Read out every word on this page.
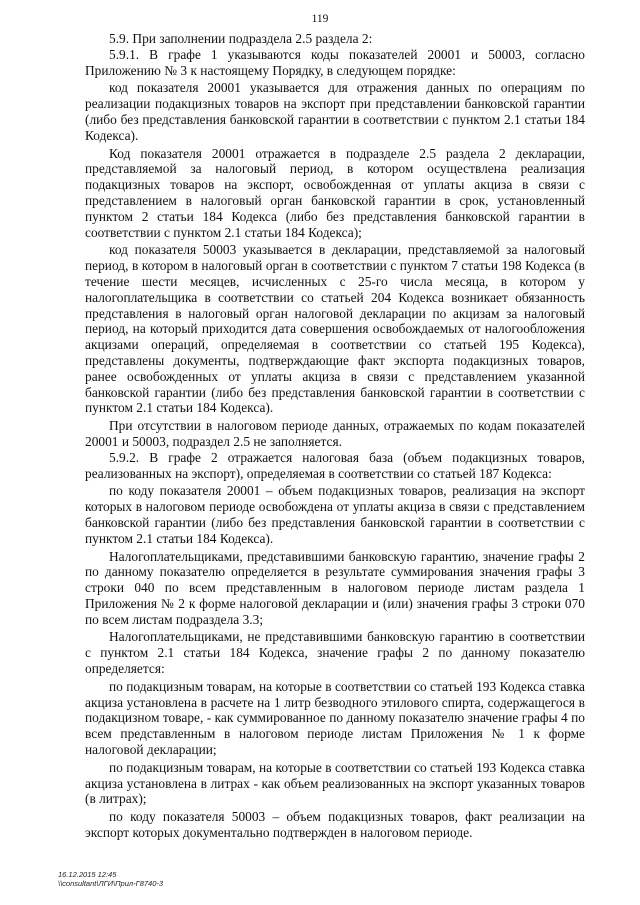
119

5.9. При заполнении подраздела 2.5 раздела 2:

5.9.1. В графе 1 указываются коды показателей 20001 и 50003, согласно Приложению № 3 к настоящему Порядку, в следующем порядке:

код показателя 20001 указывается для отражения данных по операциям по реализации подакцизных товаров на экспорт при представлении банковской гарантии (либо без представления банковской гарантии в соответствии с пунктом 2.1 статьи 184 Кодекса).

Код показателя 20001 отражается в подразделе 2.5 раздела 2 декларации, представляемой за налоговый период, в котором осуществлена реализация подакцизных товаров на экспорт, освобожденная от уплаты акциза в связи с представлением в налоговый орган банковской гарантии в срок, установленный пунктом 2 статьи 184 Кодекса (либо без представления банковской гарантии в соответствии с пунктом 2.1 статьи 184 Кодекса);

код показателя 50003 указывается в декларации, представляемой за налоговый период, в котором в налоговый орган в соответствии с пунктом 7 статьи 198 Кодекса (в течение шести месяцев, исчисленных с 25-го числа месяца, в котором у налогоплательщика в соответствии со статьей 204 Кодекса возникает обязанность представления в налоговый орган налоговой декларации по акцизам за налоговый период, на который приходится дата совершения освобождаемых от налогообложения акцизами операций, определяемая в соответствии со статьей 195 Кодекса), представлены документы, подтверждающие факт экспорта подакцизных товаров, ранее освобожденных от уплаты акциза в связи с представлением указанной банковской гарантии (либо без представления банковской гарантии в соответствии с пунктом 2.1 статьи 184 Кодекса).

При отсутствии в налоговом периоде данных, отражаемых по кодам показателей 20001 и 50003, подраздел 2.5 не заполняется.

5.9.2. В графе 2 отражается налоговая база (объем подакцизных товаров, реализованных на экспорт), определяемая в соответствии со статьей 187 Кодекса:

по коду показателя 20001 – объем подакцизных товаров, реализация на экспорт которых в налоговом периоде освобождена от уплаты акциза в связи с представлением банковской гарантии (либо без представления банковской гарантии в соответствии с пунктом 2.1 статьи 184 Кодекса).

Налогоплательщиками, представившими банковскую гарантию, значение графы 2 по данному показателю определяется в результате суммирования значения графы 3 строки 040 по всем представленным в налоговом периоде листам раздела 1 Приложения № 2 к форме налоговой декларации и (или) значения графы 3 строки 070 по всем листам подраздела 3.3;

Налогоплательщиками, не представившими банковскую гарантию в соответствии с пунктом 2.1 статьи 184 Кодекса, значение графы 2 по данному показателю определяется:

по подакцизным товарам, на которые в соответствии со статьей 193 Кодекса ставка акциза установлена в расчете на 1 литр безводного этилового спирта, содержащегося в подакцизном товаре, - как суммированное по данному показателю значение графы 4 по всем представленным в налоговом периоде листам Приложения № 1 к форме налоговой декларации;

по подакцизным товарам, на которые в соответствии со статьей 193 Кодекса ставка акциза установлена в литрах - как объем реализованных на экспорт указанных товаров (в литрах);

по коду показателя 50003 – объем подакцизных товаров, факт реализации на экспорт которых документально подтвержден в налоговом периоде.

16.12.2015 12:45
\\consultant\ЛГИ\Прил-Г8740-3
